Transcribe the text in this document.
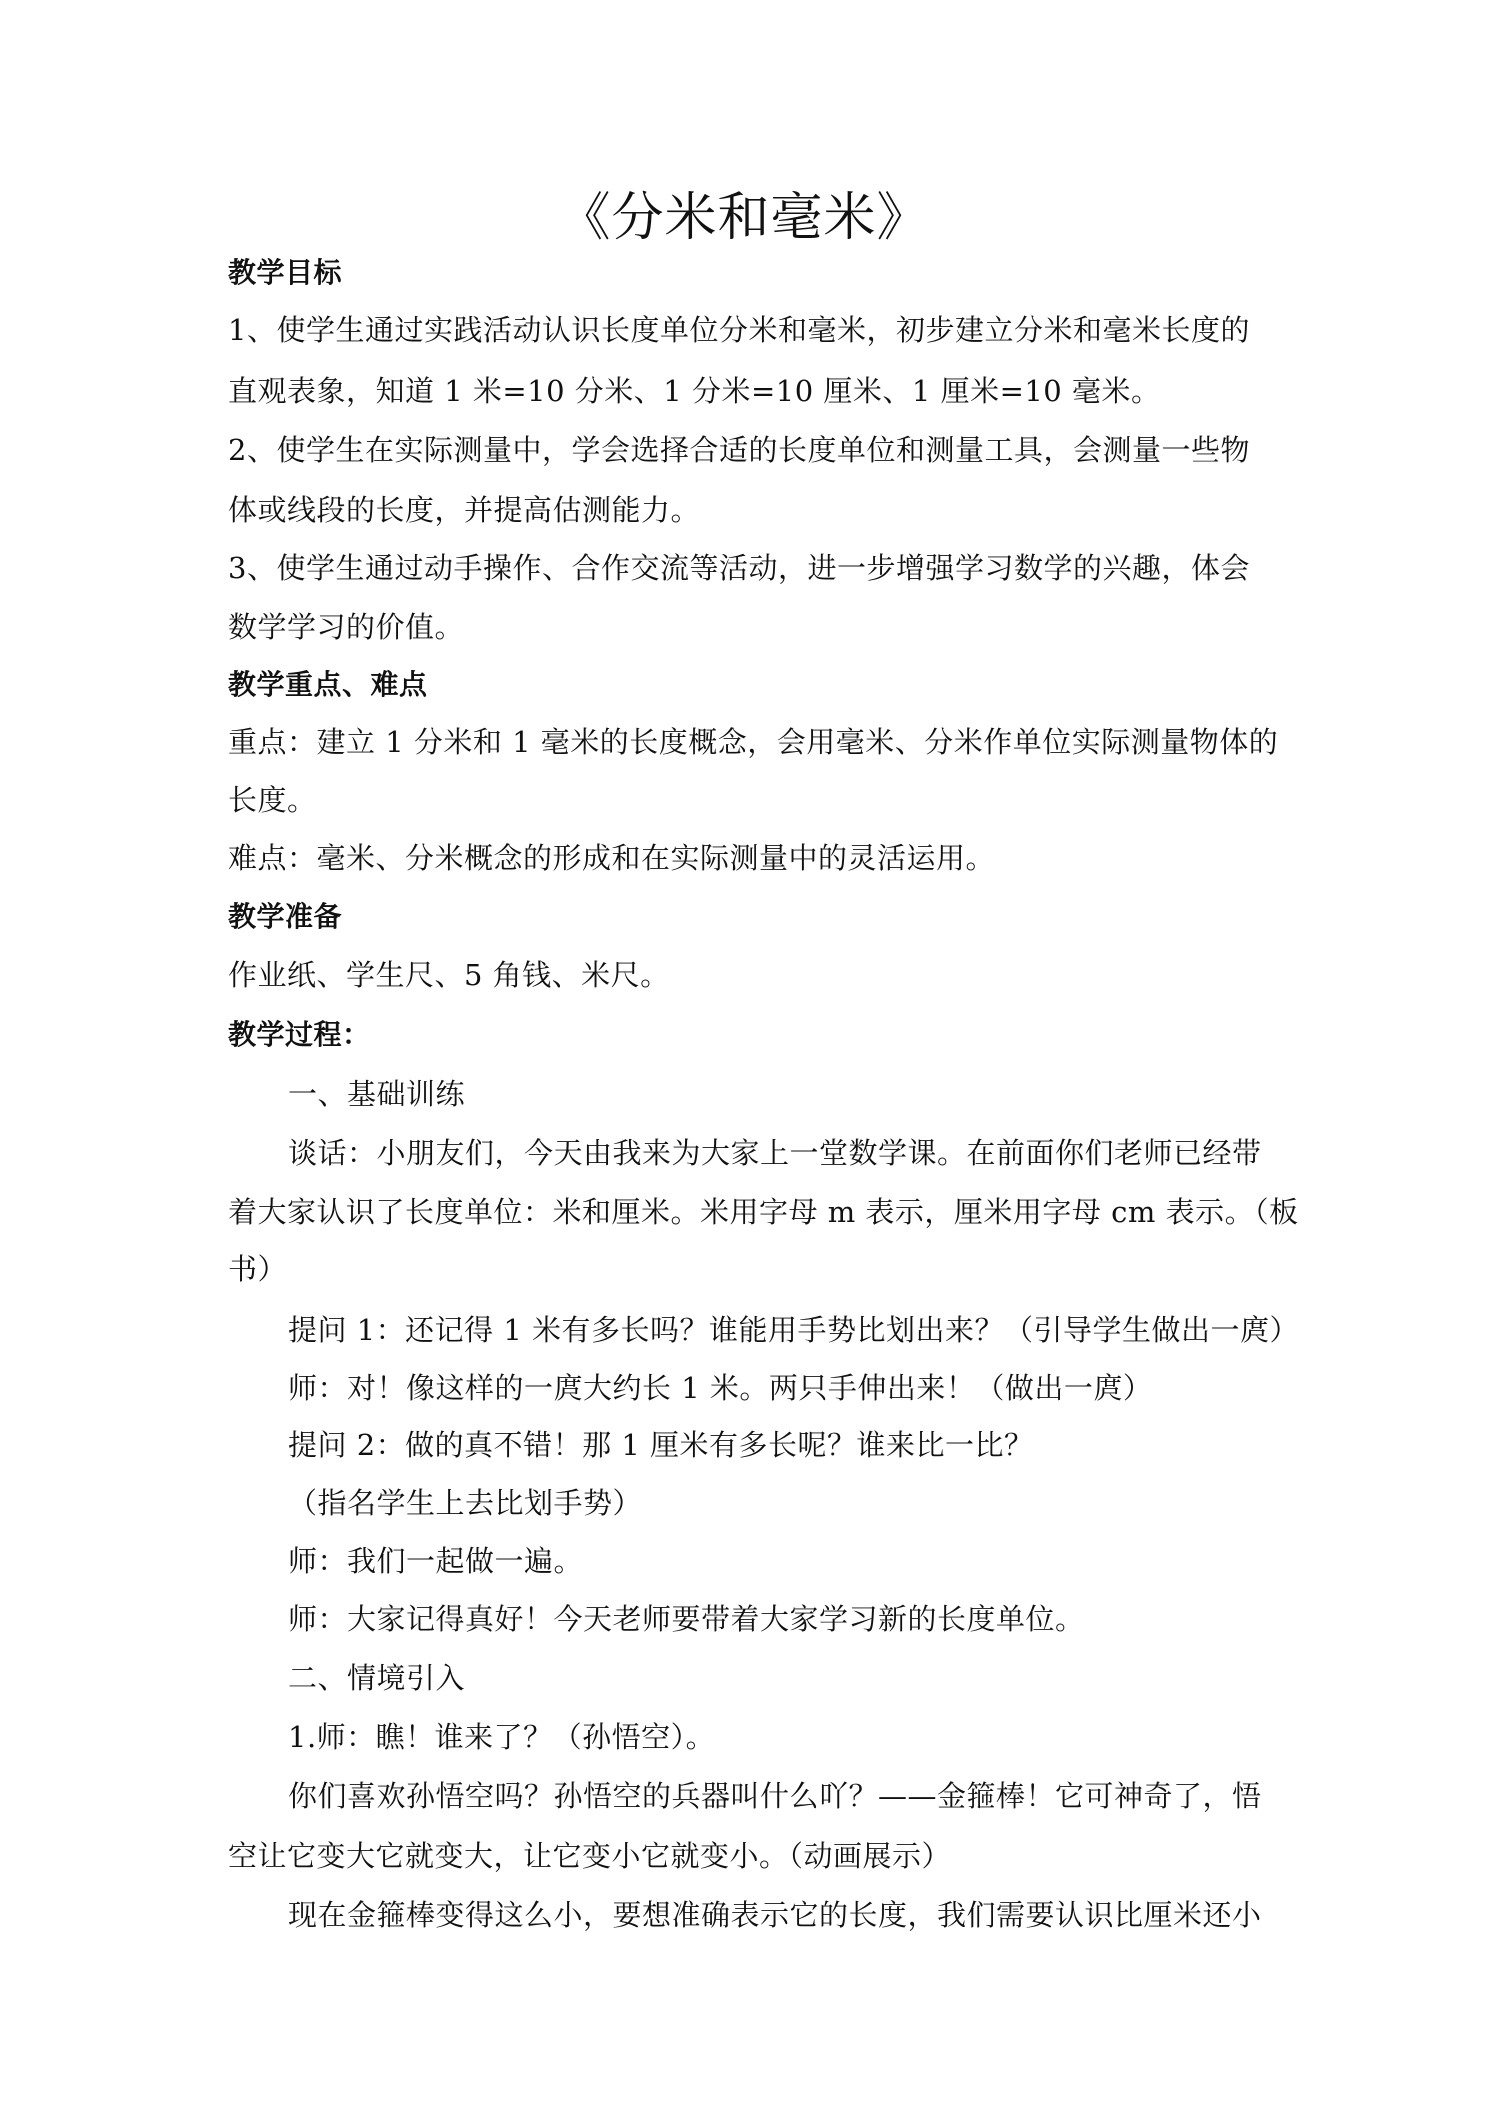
《分米和毫米》
教学目标
1、使学生通过实践活动认识长度单位分米和毫米，初步建立分米和毫米长度的
直观表象，知道 1 米=10 分米、1 分米=10 厘米、1 厘米=10 毫米。
2、使学生在实际测量中，学会选择合适的长度单位和测量工具，会测量一些物
体或线段的长度，并提高估测能力。
3、使学生通过动手操作、合作交流等活动，进一步增强学习数学的兴趣，体会
数学学习的价值。
教学重点、难点
重点：建立 1 分米和 1 毫米的长度概念，会用毫米、分米作单位实际测量物体的
长度。
难点：毫米、分米概念的形成和在实际测量中的灵活运用。
教学准备
作业纸、学生尺、5 角钱、米尺。
教学过程：
一、基础训练
谈话：小朋友们，今天由我来为大家上一堂数学课。在前面你们老师已经带
着大家认识了长度单位：米和厘米。米用字母 m 表示，厘米用字母 cm 表示。（板
书）
提问 1：还记得 1 米有多长吗？谁能用手势比划出来？（引导学生做出一庹）
师：对！像这样的一庹大约长 1 米。两只手伸出来！（做出一庹）
提问 2：做的真不错！那 1 厘米有多长呢？谁来比一比？
（指名学生上去比划手势）
师：我们一起做一遍。
师：大家记得真好！今天老师要带着大家学习新的长度单位。
二、情境引入
1.师：瞧！谁来了？（孙悟空）。
你们喜欢孙悟空吗？孙悟空的兵器叫什么吖？——金箍棒！它可神奇了，悟
空让它变大它就变大，让它变小它就变小。（动画展示）
现在金箍棒变得这么小，要想准确表示它的长度，我们需要认识比厘米还小
